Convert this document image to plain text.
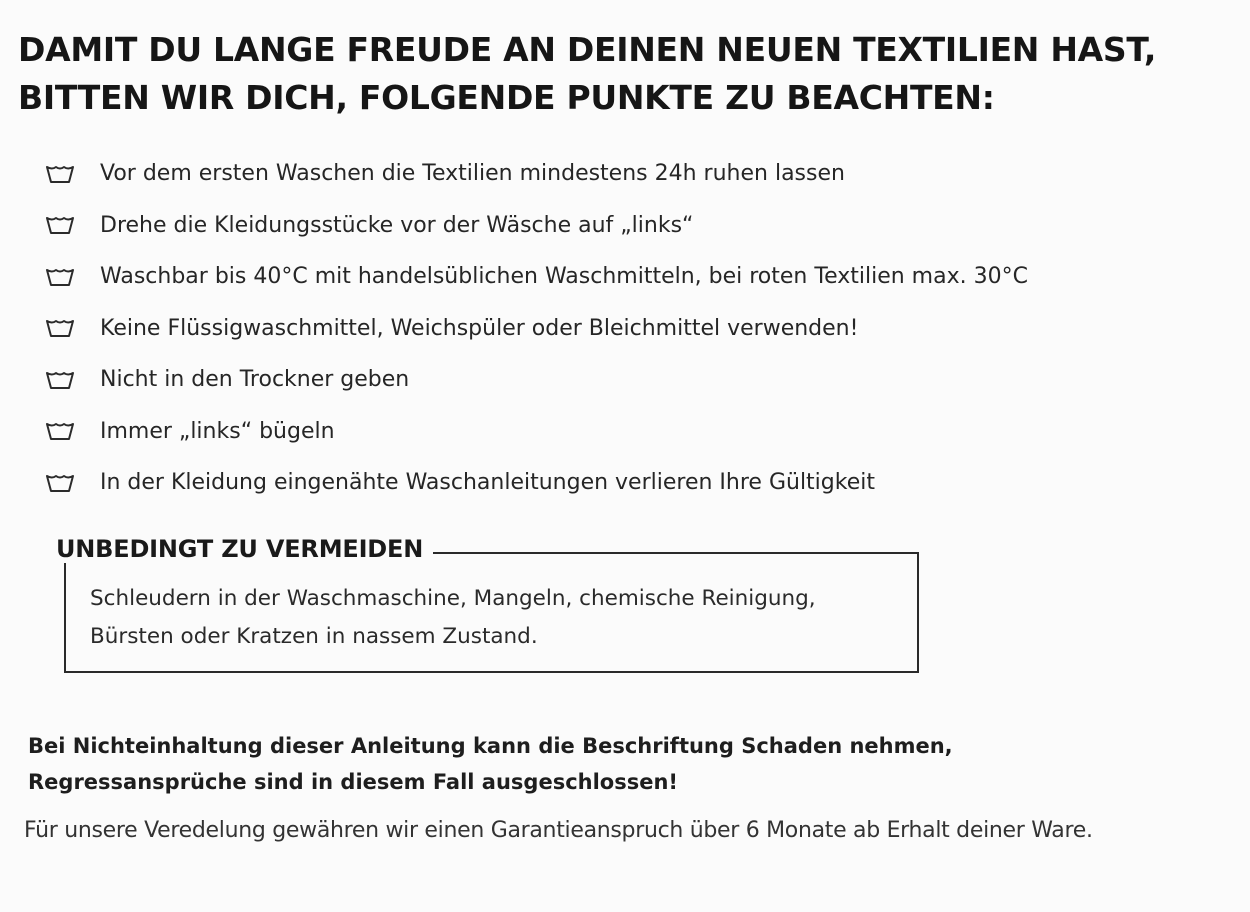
DAMIT DU LANGE FREUDE AN DEINEN NEUEN TEXTILIEN HAST,
BITTEN WIR DICH, FOLGENDE PUNKTE ZU BEACHTEN:
Vor dem ersten Waschen die Textilien mindestens 24h ruhen lassen
Drehe die Kleidungsstücke vor der Wäsche auf „links“
Waschbar bis 40°C mit handelsüblichen Waschmitteln, bei roten Textilien max. 30°C
Keine Flüssigwaschmittel, Weichspüler oder Bleichmittel verwenden!
Nicht in den Trockner geben
Immer „links“ bügeln
In der Kleidung eingenähte Waschanleitungen verlieren Ihre Gültigkeit
UNBEDINGT ZU VERMEIDEN
Schleudern in der Waschmaschine, Mangeln, chemische Reinigung,
Bürsten oder Kratzen in nassem Zustand.
Bei Nichteinhaltung dieser Anleitung kann die Beschriftung Schaden nehmen,
Regressansprüche sind in diesem Fall ausgeschlossen!
Für unsere Veredelung gewähren wir einen Garantieanspruch über 6 Monate ab Erhalt deiner Ware.
